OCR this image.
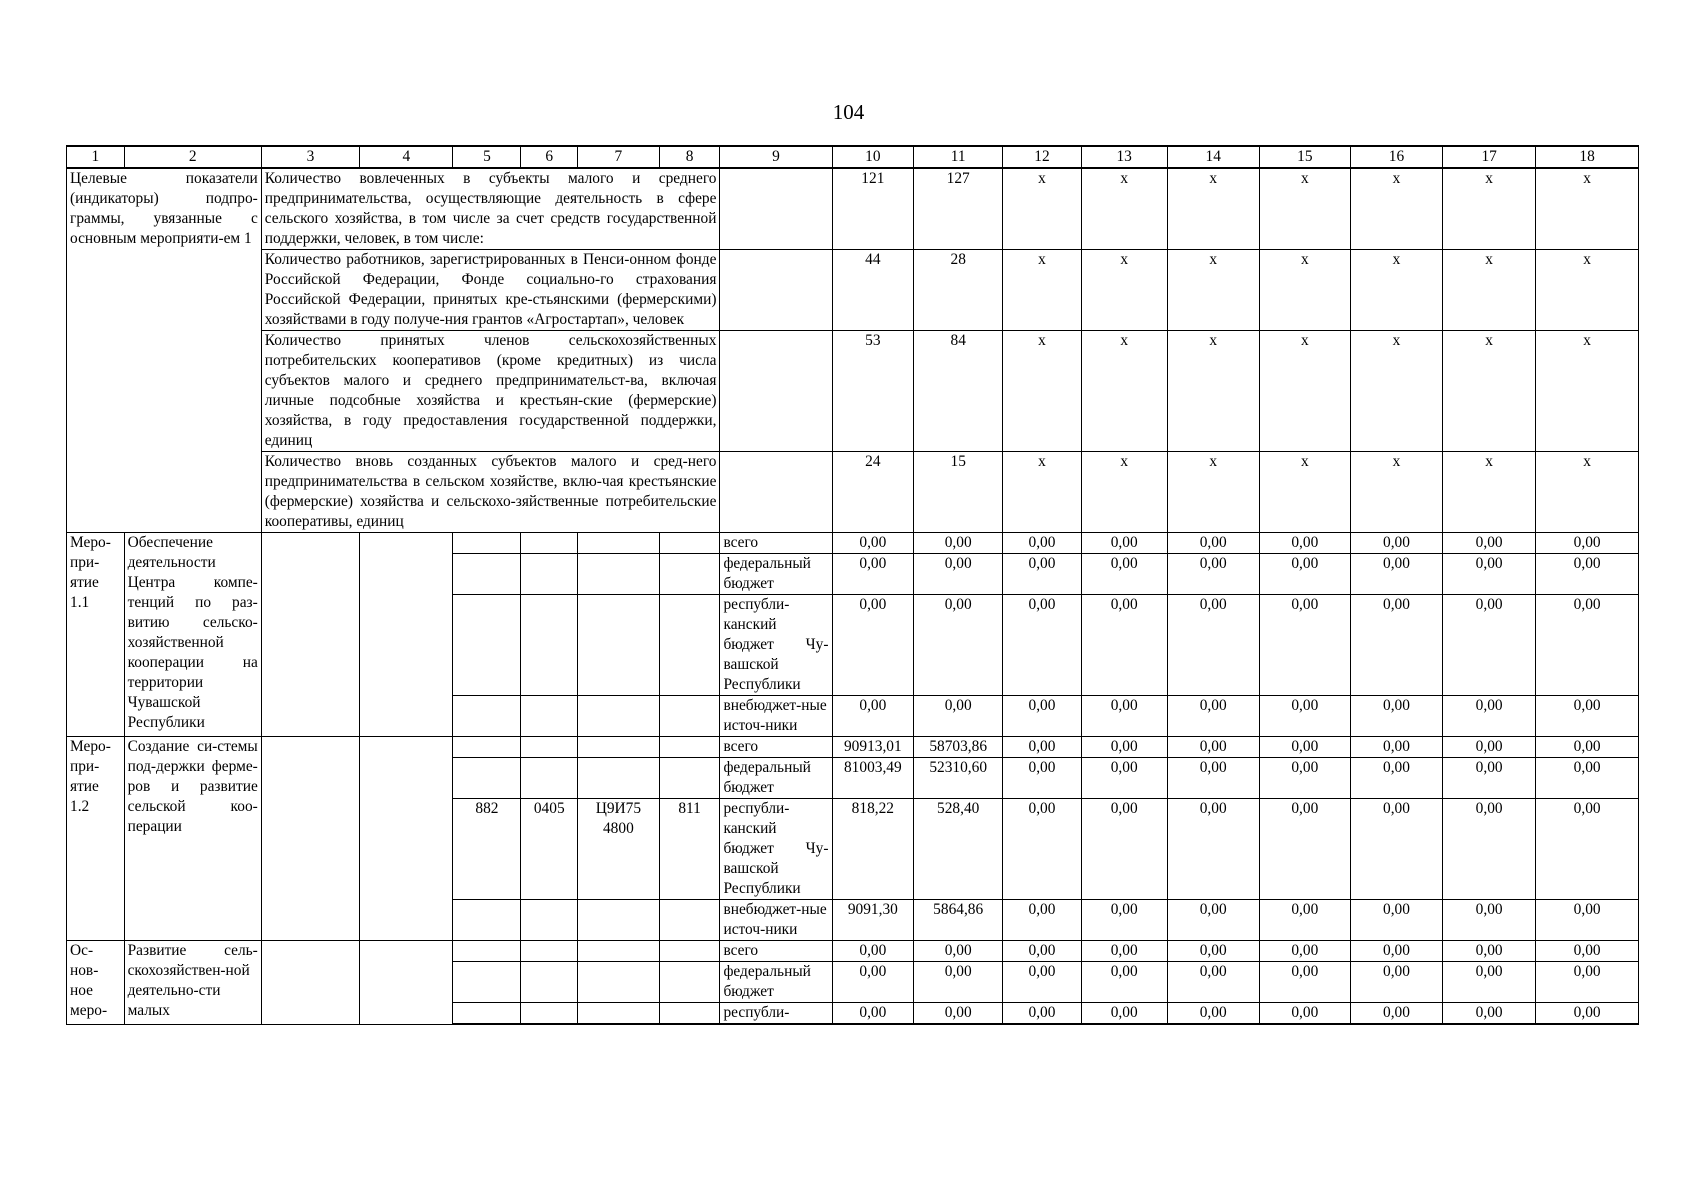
104
1	2	3	4	5	6	7	8	9	10	11	12	13	14	15	16	17	18
Целевые показатели (индикаторы) подпро-граммы, увязанные с основным мероприяти-ем 1		Количество вовлеченных в субъекты малого и среднего предпринимательства, осуществляющие деятельность в сфере сельского хозяйства, в том числе за счет средств государственной поддержки, человек, в том числе:							121	127	x	x	x	x	x	x	x
		Количество работников, зарегистрированных в Пенси-онном фонде Российской Федерации, Фонде социально-го страхования Российской Федерации, принятых кре-стьянскими (фермерскими) хозяйствами в году получе-ния грантов «Агростартап», человек							44	28	x	x	x	x	x	x	x
		Количество принятых членов сельскохозяйственных потребительских кооперативов (кроме кредитных) из числа субъектов малого и среднего предпринимательст-ва, включая личные подсобные хозяйства и крестьян-ские (фермерские) хозяйства, в году предоставления государственной поддержки, единиц							53	84	x	x	x	x	x	x	x
		Количество вновь созданных субъектов малого и сред-него предпринимательства в сельском хозяйстве, вклю-чая крестьянские (фермерские) хозяйства и сельскохо-зяйственные потребительские кооперативы, единиц							24	15	x	x	x	x	x	x	x
Меро-при-ятие 1.1	Обеспечение деятельности Центра компе-тенций по раз-витию сельско-хозяйственной кооперации на территории Чувашской Республики							всего	0,00	0,00	0,00	0,00	0,00	0,00	0,00	0,00	0,00
								федеральный бюджет	0,00	0,00	0,00	0,00	0,00	0,00	0,00	0,00	0,00
								республи-канский бюджет Чу-вашской Республики	0,00	0,00	0,00	0,00	0,00	0,00	0,00	0,00	0,00
								внебюджет-ные источ-ники	0,00	0,00	0,00	0,00	0,00	0,00	0,00	0,00	0,00
Меро-при-ятие 1.2	Создание си-стемы под-держки ферме-ров и развитие сельской коо-перации							всего	90913,01	58703,86	0,00	0,00	0,00	0,00	0,00	0,00	0,00
								федеральный бюджет	81003,49	52310,60	0,00	0,00	0,00	0,00	0,00	0,00	0,00
				882	0405	Ц9И75 4800	811	республи-канский бюджет Чу-вашской Республики	818,22	528,40	0,00	0,00	0,00	0,00	0,00	0,00	0,00
								внебюджет-ные источ-ники	9091,30	5864,86	0,00	0,00	0,00	0,00	0,00	0,00	0,00
Ос-нов-ное меро-	Развитие сель-скохозяйствен-ной деятельно-сти малых							всего	0,00	0,00	0,00	0,00	0,00	0,00	0,00	0,00	0,00
								федеральный бюджет	0,00	0,00	0,00	0,00	0,00	0,00	0,00	0,00	0,00
								республи-	0,00	0,00	0,00	0,00	0,00	0,00	0,00	0,00	0,00
